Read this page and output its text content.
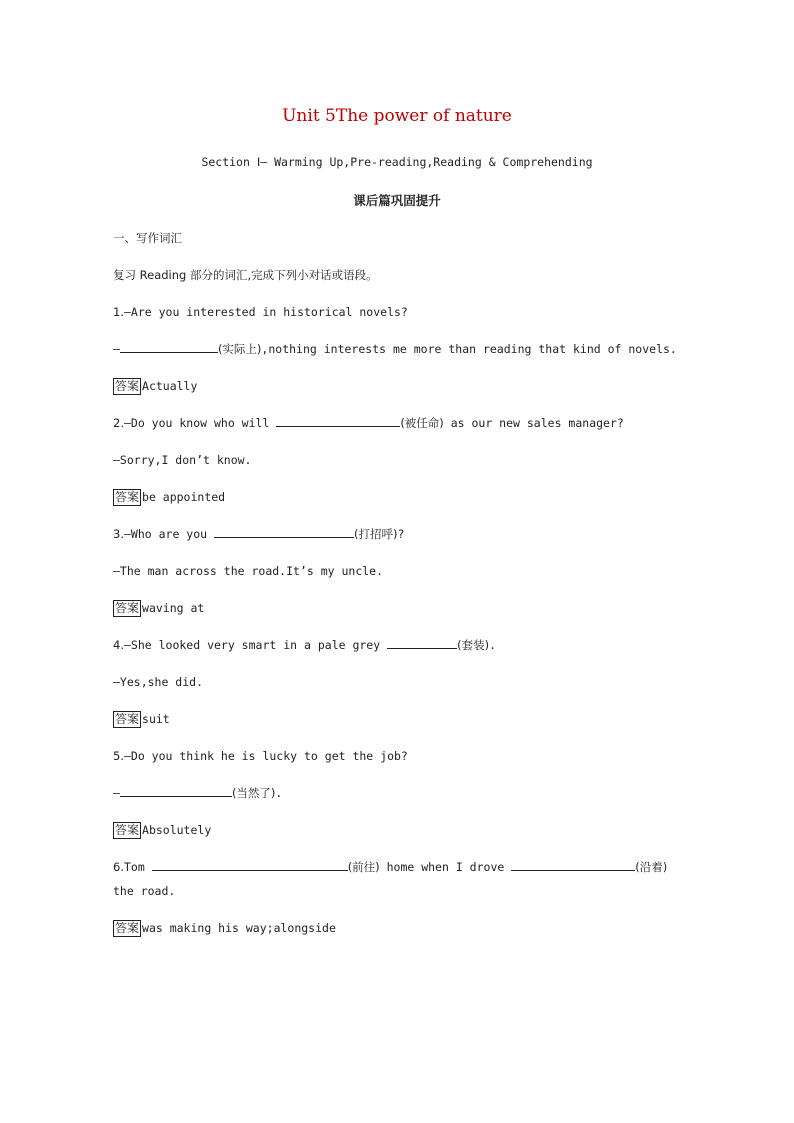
Unit 5The power of nature
Section Ⅰ— Warming Up,Pre-reading,Reading & Comprehending
课后篇巩固提升

一、写作词汇

复习 Reading 部分的词汇,完成下列小对话或语段。

1.—Are you interested in historical novels?

—	(实际上),nothing interests me more than reading that kind of novels.

答案 Actually

2.—Do you know who will	(被任命) as our new sales manager?

—Sorry,I don’t know.

答案 be appointed

3.—Who are you	(打招呼)?

—The man across the road.It’s my uncle.

答案 waving at

4.—She looked very smart in a pale grey	(套装).

—Yes,she did.

答案 suit

5.—Do you think he is lucky to get the job?

—	(当然了).

答案 Absolutely

6.Tom	(前往) home when I drove	(沿着) the road.

答案 was making his way;alongside
